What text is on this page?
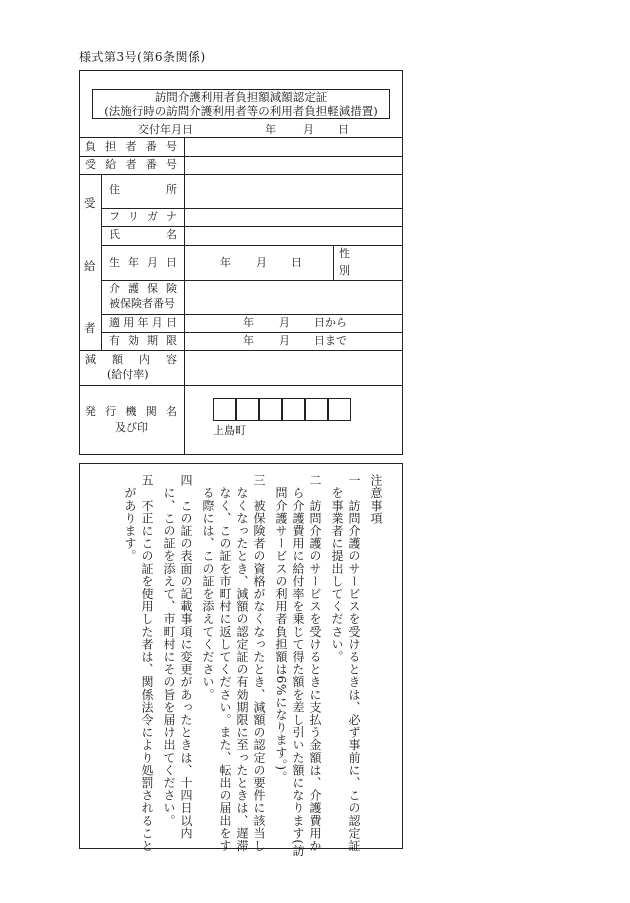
様式第3号(第6条関係)
訪問介護利用者負担額減額認定証
(法施行時の訪問介護利用者等の利用者負担軽減措置)
交付年月日	年 月 日
負 担 者 番 号
受 給 者 番 号
受
給
者
住	所
フ リ ガ ナ
氏	名
生 年 月 日	年 月 日
性
別
介 護 保 険
被保険者番号
適 用 年 月 日	年 月 日から
有 効 期 限	年 月 日まで
減 額 内 容
(給付率)
発 行 機 関 名
及び印	上島町
注意事項
一　訪問介護のサービスを受けるときは、必ず事前に、この認定証
　を事業者に提出してください。
二　訪問介護のサービスを受けるときに支払う金額は、介護費用か
　ら介護費用に給付率を乗じて得た額を差し引いた額になります(訪
　問介護サービスの利用者負担額は6%になります。)。
三　被保険者の資格がなくなったとき、減額の認定の要件に該当し
　なくなったとき、減額の認定証の有効期限に至ったときは、遅滞
　なく、この証を市町村に返してください。また、転出の届出をす
　る際には、この証を添えてください。
四　この証の表面の記載事項に変更があったときは、十四日以内
　に、この証を添えて、市町村にその旨を届け出てください。
五　不正にこの証を使用した者は、関係法令により処罰されること
　があります。
